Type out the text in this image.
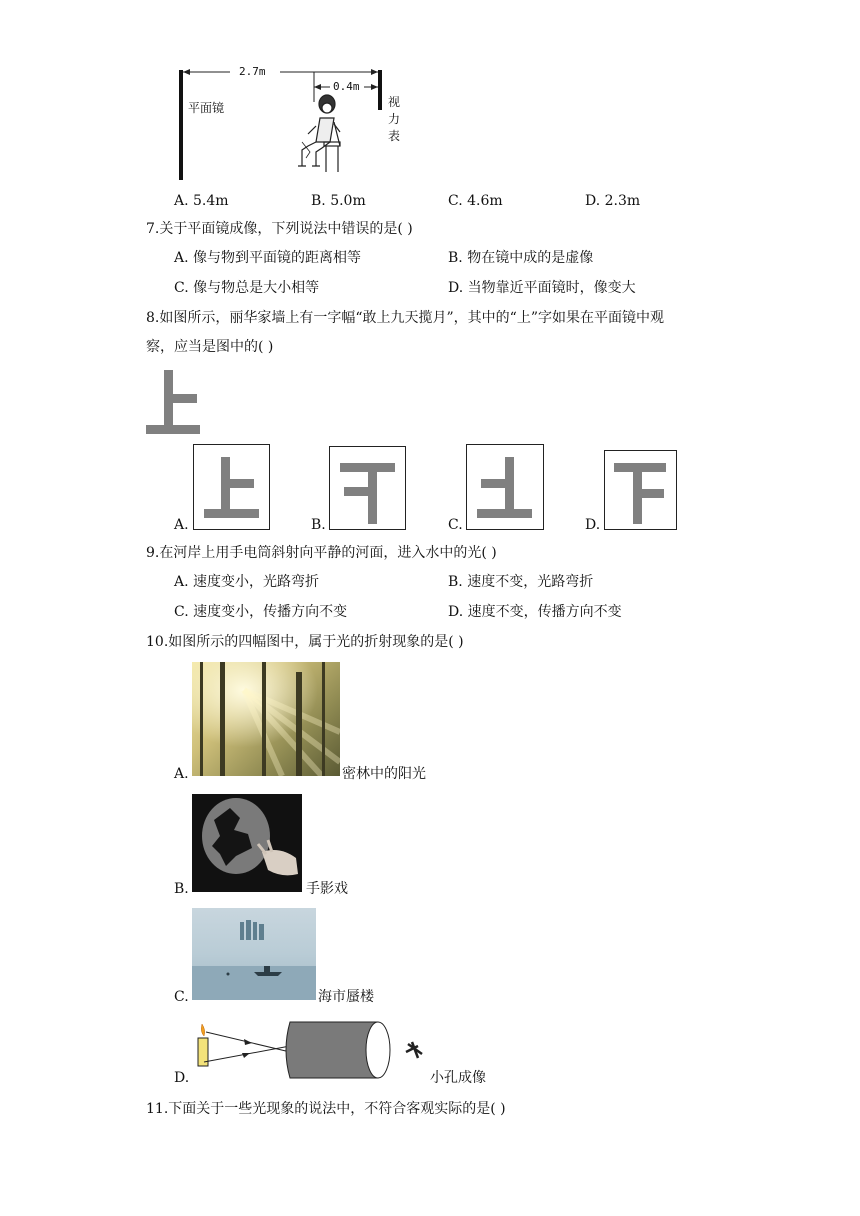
2.7m
0.4m
平面镜	视
力
表
A. 5.4m	B. 5.0m	C. 4.6m	D. 2.3m
7.关于平面镜成像，下列说法中错误的是( )
A. 像与物到平面镜的距离相等	B. 物在镜中成的是虚像
C. 像与物总是大小相等	D. 当物靠近平面镜时，像变大
8.如图所示，丽华家墙上有一字幅“敢上九天揽月”，其中的“上”字如果在平面镜中观
察，应当是图中的( )
A.	B.	C.	D.
9.在河岸上用手电筒斜射向平静的河面，进入水中的光( )
A. 速度变小，光路弯折	B. 速度不变，光路弯折
C. 速度变小，传播方向不变	D. 速度不变，传播方向不变
10.如图所示的四幅图中，属于光的折射现象的是( )
A.	密林中的阳光
B.	手影戏
C.	海市蜃楼
D.	小孔成像
11.下面关于一些光现象的说法中，不符合客观实际的是( )
